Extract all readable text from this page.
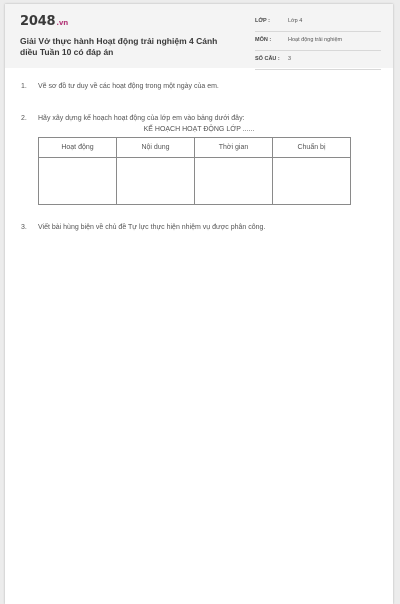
2048.vn
Giải Vở thực hành Hoạt động trải nghiệm 4 Cánh diều Tuần 10 có đáp án
LỚP :	Lớp 4
MÔN :	Hoạt động trải nghiệm
SỐ CÂU : 3
1. Vẽ sơ đồ tư duy về các hoạt động trong một ngày của em.
2. Hãy xây dựng kế hoạch hoạt động của lớp em vào bảng dưới đây:
KẾ HOẠCH HOẠT ĐỘNG LỚP ......
Hoạt động	Nội dung	Thời gian	Chuẩn bị

3. Viết bài hùng biện về chủ đề Tự lực thực hiện nhiệm vụ được phân công.
